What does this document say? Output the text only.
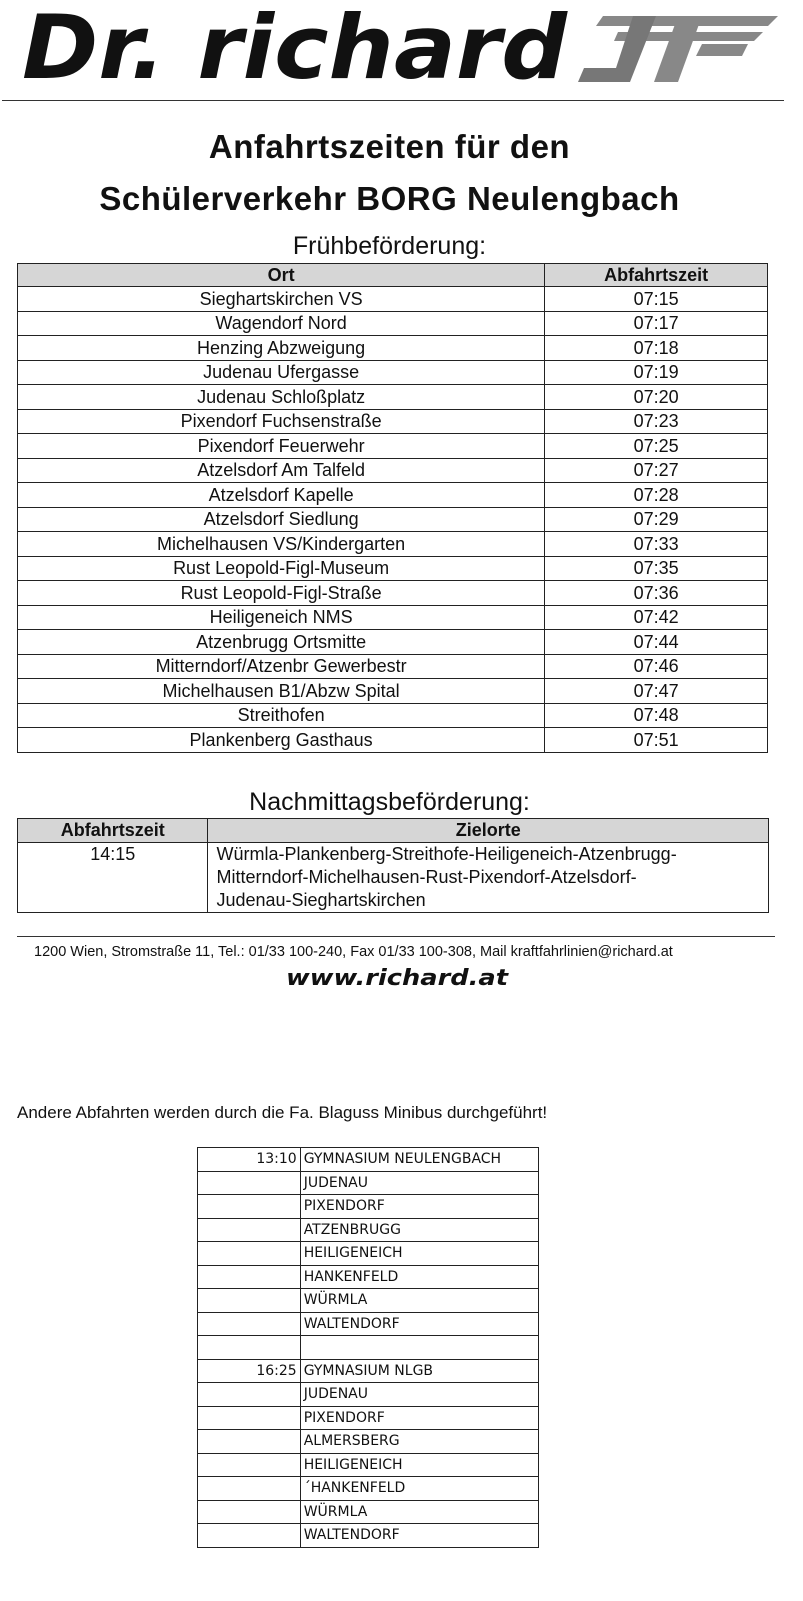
Dr. richard
Anfahrtszeiten für den
Schülerverkehr BORG Neulengbach
Frühbeförderung:
Ort	Abfahrtszeit
Sieghartskirchen VS	07:15
Wagendorf Nord	07:17
Henzing Abzweigung	07:18
Judenau Ufergasse	07:19
Judenau Schloßplatz	07:20
Pixendorf Fuchsenstraße	07:23
Pixendorf Feuerwehr	07:25
Atzelsdorf Am Talfeld	07:27
Atzelsdorf Kapelle	07:28
Atzelsdorf Siedlung	07:29
Michelhausen VS/Kindergarten	07:33
Rust Leopold-Figl-Museum	07:35
Rust Leopold-Figl-Straße	07:36
Heiligeneich NMS	07:42
Atzenbrugg Ortsmitte	07:44
Mitterndorf/Atzenbr Gewerbestr	07:46
Michelhausen B1/Abzw Spital	07:47
Streithofen	07:48
Plankenberg Gasthaus	07:51
Nachmittagsbeförderung:
Abfahrtszeit	Zielorte
14:15	Würmla-Plankenberg-Streithofe-Heiligeneich-Atzenbrugg-
Mitterndorf-Michelhausen-Rust-Pixendorf-Atzelsdorf-
Judenau-Sieghartskirchen
1200 Wien, Stromstraße 11, Tel.: 01/33 100-240, Fax 01/33 100-308, Mail kraftfahrlinien@richard.at
www.richard.at
Andere Abfahrten werden durch die Fa. Blaguss Minibus durchgeführt!
13:10	GYMNASIUM NEULENGBACH
	JUDENAU
	PIXENDORF
	ATZENBRUGG
	HEILIGENEICH
	HANKENFELD
	WÜRMLA
	WALTENDORF

16:25	GYMNASIUM NLGB
	JUDENAU
	PIXENDORF
	ALMERSBERG
	HEILIGENEICH
	´HANKENFELD
	WÜRMLA
	WALTENDORF
